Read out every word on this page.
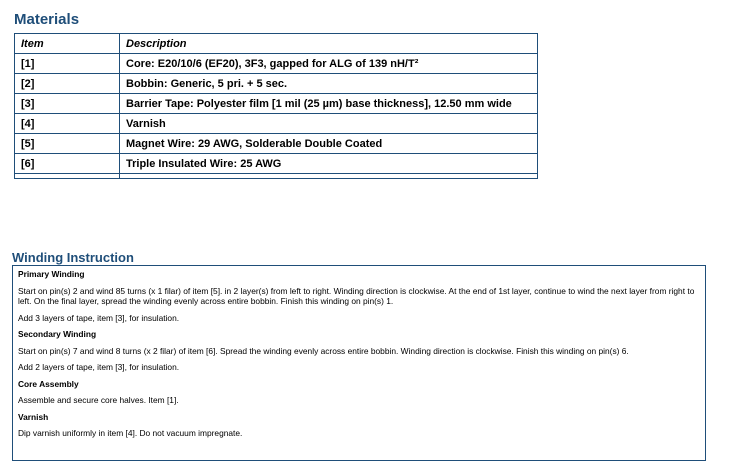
Materials
Item	Description
[1]	Core: E20/10/6 (EF20), 3F3, gapped for ALG of 139 nH/T²
[2]	Bobbin: Generic, 5 pri. + 5 sec.
[3]	Barrier Tape: Polyester film [1 mil (25 µm) base thickness], 12.50 mm wide
[4]	Varnish
[5]	Magnet Wire: 29 AWG, Solderable Double Coated
[6]	Triple Insulated Wire: 25 AWG

Winding Instruction
Primary Winding
Start on pin(s) 2 and wind 85 turns (x 1 filar) of item [5]. in 2 layer(s) from left to right. Winding direction is clockwise. At the end of 1st layer, continue to wind the next layer from right to left. On the final layer, spread the winding evenly across entire bobbin. Finish this winding on pin(s) 1.
Add 3 layers of tape, item [3], for insulation.
Secondary Winding
Start on pin(s) 7 and wind 8 turns (x 2 filar) of item [6]. Spread the winding evenly across entire bobbin. Winding direction is clockwise. Finish this winding on pin(s) 6.
Add 2 layers of tape, item [3], for insulation.
Core Assembly
Assemble and secure core halves. Item [1].
Varnish
Dip varnish uniformly in item [4]. Do not vacuum impregnate.
